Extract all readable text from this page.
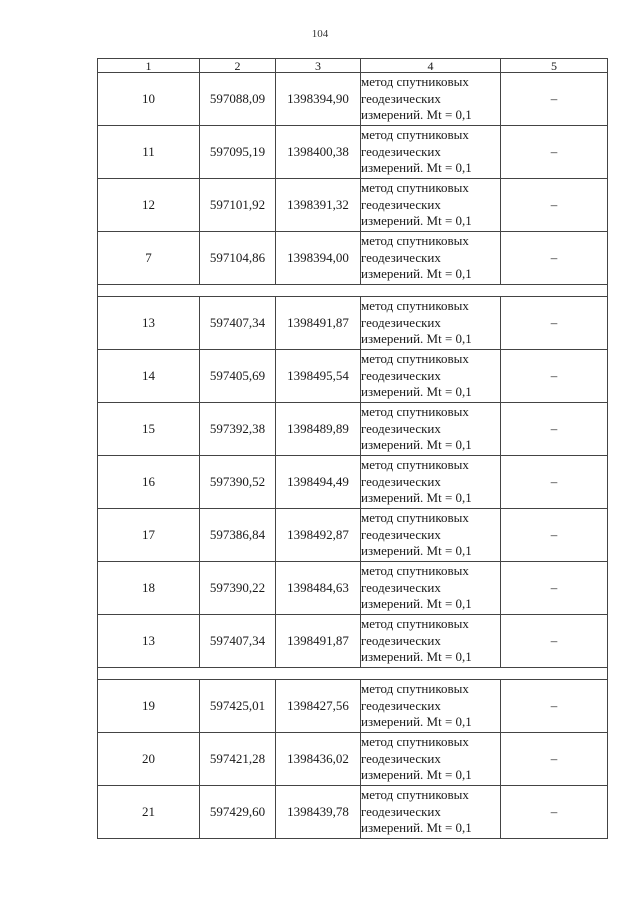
104
1	2	3	4	5
10	597088,09	1398394,90	метод спутниковых
геодезических
измерений. Mt = 0,1	–
11	597095,19	1398400,38	метод спутниковых
геодезических
измерений. Mt = 0,1	–
12	597101,92	1398391,32	метод спутниковых
геодезических
измерений. Mt = 0,1	–
7	597104,86	1398394,00	метод спутниковых
геодезических
измерений. Mt = 0,1	–

13	597407,34	1398491,87	метод спутниковых
геодезических
измерений. Mt = 0,1	–
14	597405,69	1398495,54	метод спутниковых
геодезических
измерений. Mt = 0,1	–
15	597392,38	1398489,89	метод спутниковых
геодезических
измерений. Mt = 0,1	–
16	597390,52	1398494,49	метод спутниковых
геодезических
измерений. Mt = 0,1	–
17	597386,84	1398492,87	метод спутниковых
геодезических
измерений. Mt = 0,1	–
18	597390,22	1398484,63	метод спутниковых
геодезических
измерений. Mt = 0,1	–
13	597407,34	1398491,87	метод спутниковых
геодезических
измерений. Mt = 0,1	–

19	597425,01	1398427,56	метод спутниковых
геодезических
измерений. Mt = 0,1	–
20	597421,28	1398436,02	метод спутниковых
геодезических
измерений. Mt = 0,1	–
21	597429,60	1398439,78	метод спутниковых
геодезических
измерений. Mt = 0,1	–
